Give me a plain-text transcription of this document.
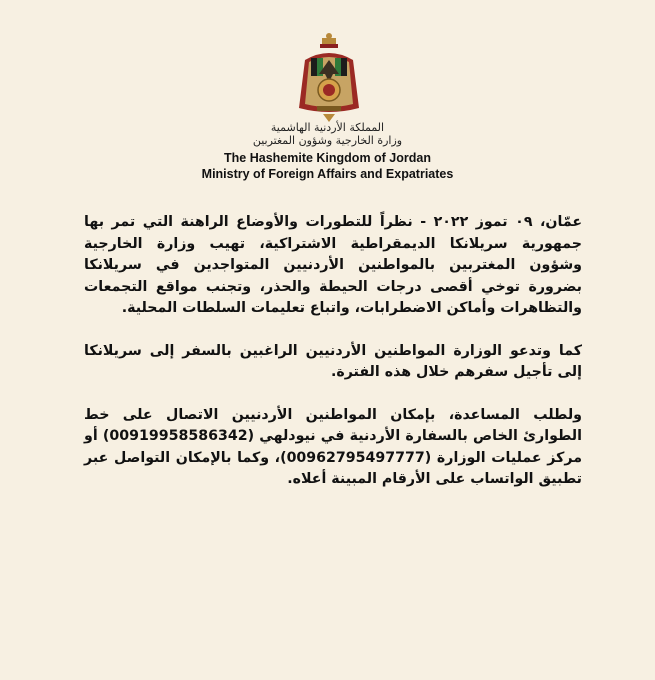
المملكة الأردنية الهاشمية
وزارة الخارجية وشؤون المغتربين
The Hashemite Kingdom of Jordan
Ministry of Foreign Affairs and Expatriates

عمّان، ٠٩ تموز ٢٠٢٢ - نظراً للتطورات والأوضاع الراهنة التي تمر بها جمهورية سريلانكا الديمقراطية الاشتراكية، تهيب وزارة الخارجية وشؤون المغتربين بالمواطنين الأردنيين المتواجدين في سريلانكا بضرورة توخي أقصى درجات الحيطة والحذر، وتجنب مواقع التجمعات والتظاهرات وأماكن الاضطرابات، واتباع تعليمات السلطات المحلية.

كما وتدعو الوزارة المواطنين الأردنيين الراغبين بالسفر إلى سريلانكا إلى تأجيل سفرهم خلال هذه الفترة.

ولطلب المساعدة، بإمكان المواطنين الأردنيين الاتصال على خط الطوارئ الخاص بالسفارة الأردنية في نيودلهي (00919958586342) أو مركز عمليات الوزارة (00962795497777)، وكما بالإمكان التواصل عبر تطبيق الواتساب على الأرقام المبينة أعلاه.
